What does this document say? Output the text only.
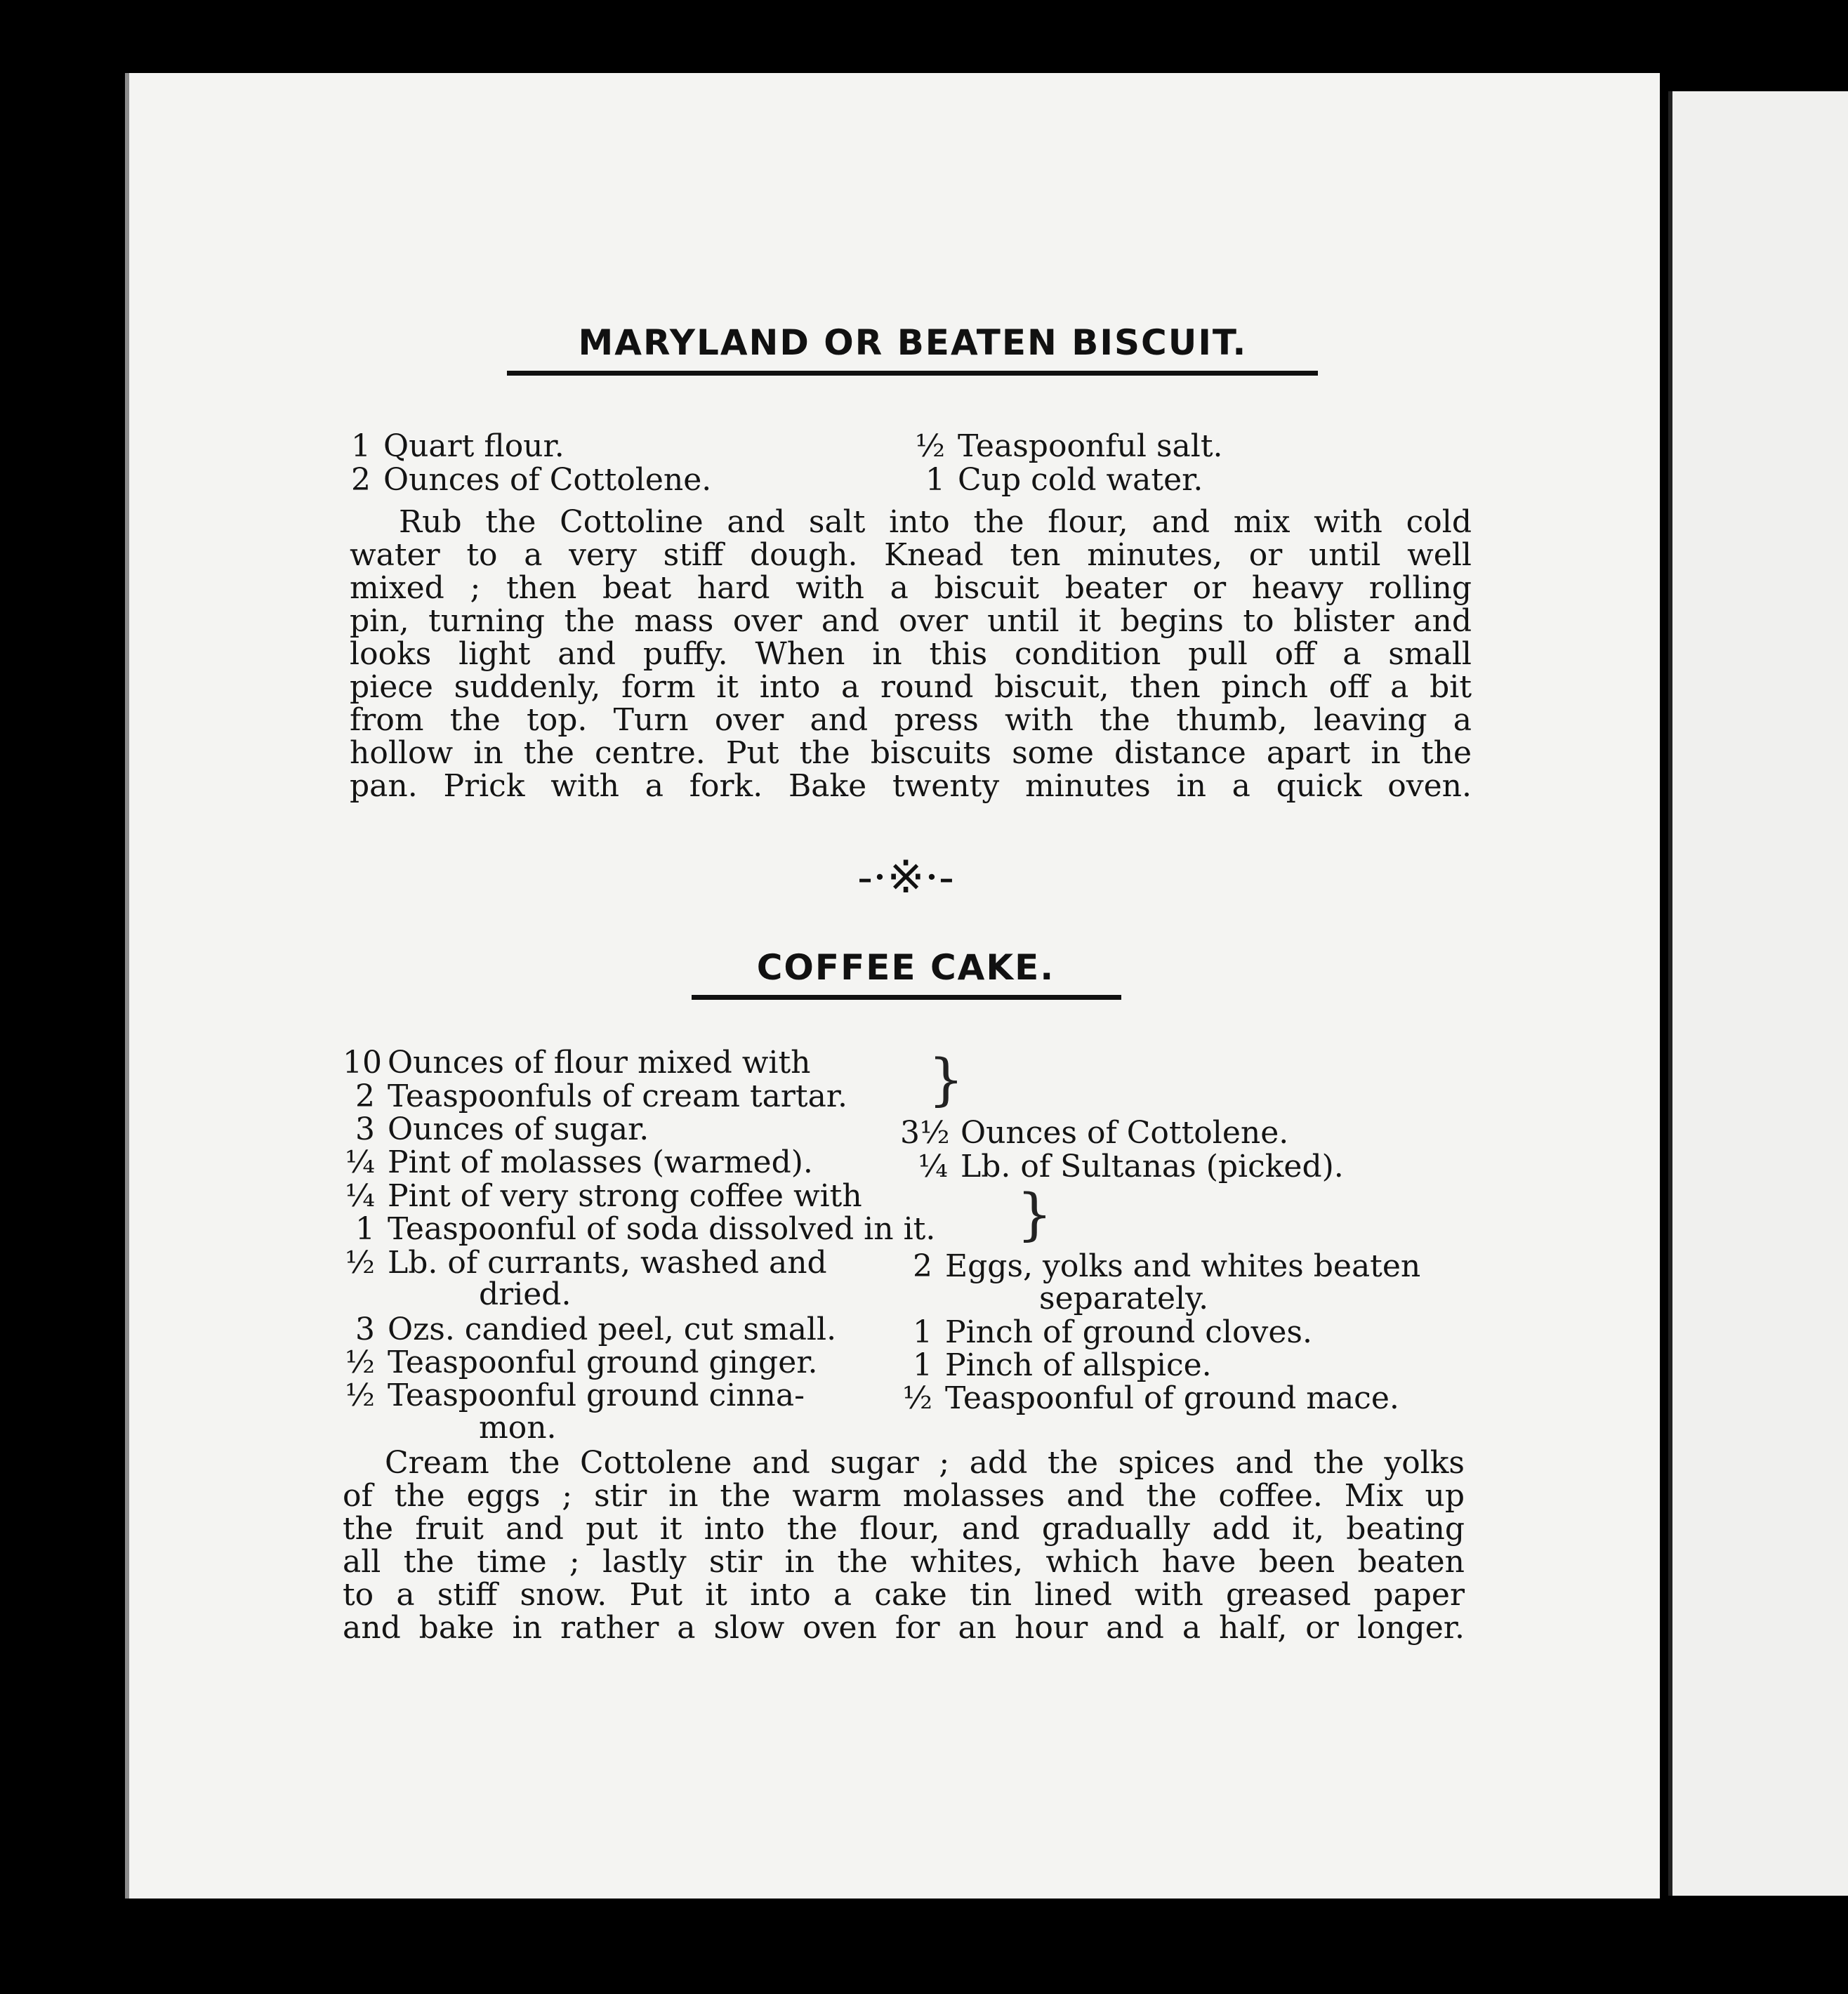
MARYLAND OR BEATEN BISCUIT.
1 Quart flour.
2 Ounces of Cottolene.
½ Teaspoonful salt.
1 Cup cold water.
Rub the Cottoline and salt into the flour, and mix with cold
water to a very stiff dough. Knead ten minutes, or until well
mixed ; then beat hard with a biscuit beater or heavy rolling
pin, turning the mass over and over until it begins to blister and
looks light and puffy. When in this condition pull off a small
piece suddenly, form it into a round biscuit, then pinch off a bit
from the top. Turn over and press with the thumb, leaving a
hollow in the centre. Put the biscuits some distance apart in the
pan. Prick with a fork. Bake twenty minutes in a quick oven.
-·※·-
COFFEE CAKE.
10 Ounces of flour mixed with
2 Teaspoonfuls of cream tartar.
3 Ounces of sugar.
¼ Pint of molasses (warmed).
¼ Pint of very strong coffee with
1 Teaspoonful of soda dissolved in it.
½ Lb. of currants, washed and
dried.
3 Ozs. candied peel, cut small.
½ Teaspoonful ground ginger.
½ Teaspoonful ground cinna-
mon.
}
}
3½ Ounces of Cottolene.
¼ Lb. of Sultanas (picked).
2 Eggs, yolks and whites beaten
separately.
1 Pinch of ground cloves.
1 Pinch of allspice.
½ Teaspoonful of ground mace.
Cream the Cottolene and sugar ; add the spices and the yolks
of the eggs ; stir in the warm molasses and the coffee. Mix up
the fruit and put it into the flour, and gradually add it, beating
all the time ; lastly stir in the whites, which have been beaten
to a stiff snow. Put it into a cake tin lined with greased paper
and bake in rather a slow oven for an hour and a half, or longer.
